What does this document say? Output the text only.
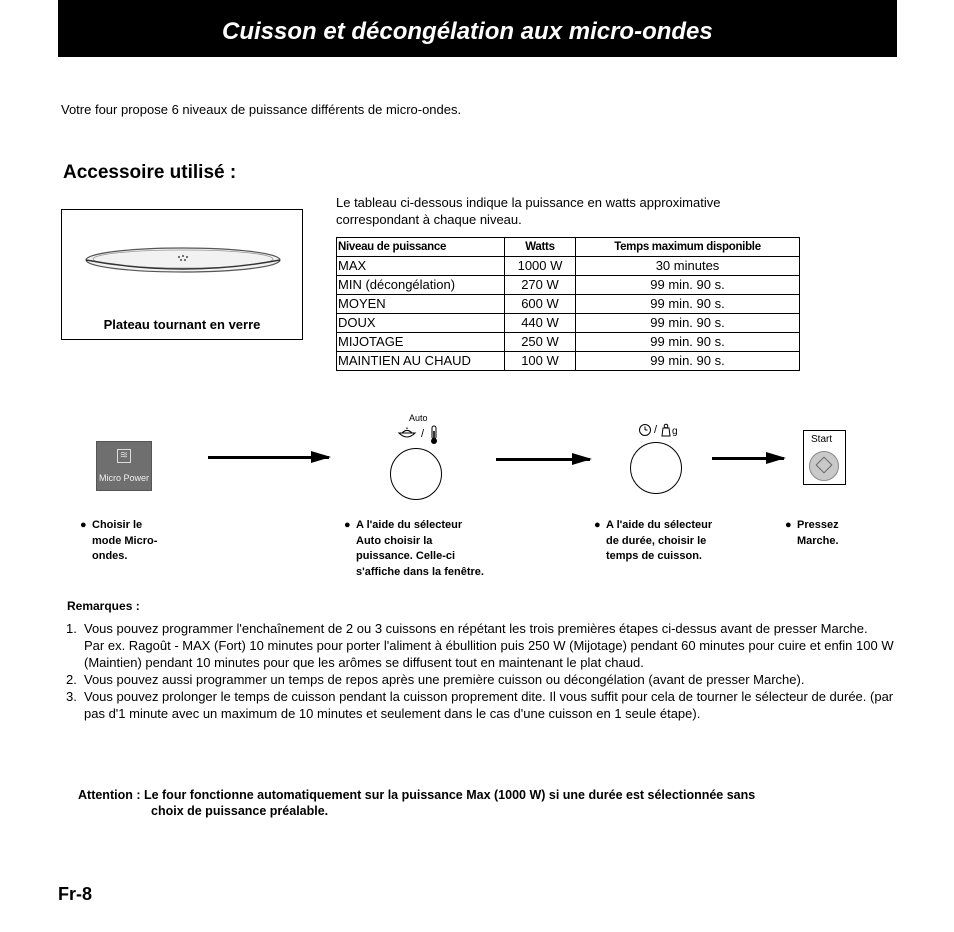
Cuisson et décongélation aux micro-ondes
Votre four propose 6 niveaux de puissance différents de micro-ondes.
Accessoire utilisé :
Plateau tournant en verre
Le tableau ci-dessous indique la puissance en watts approximative correspondant à chaque niveau.
Niveau de puissance	Watts	Temps maximum disponible
MAX	1000 W	30 minutes
MIN (décongélation)	270 W	99 min. 90 s.
MOYEN	600 W	99 min. 90 s.
DOUX	440 W	99 min. 90 s.
MIJOTAGE	250 W	99 min. 90 s.
MAINTIEN AU CHAUD	100 W	99 min. 90 s.
≋
Micro Power
Auto
/	/ g
Start
● Choisir le
mode Micro-
ondes.
● A l'aide du sélecteur
Auto choisir la
puissance. Celle-ci
s'affiche dans la fenêtre.
● A l'aide du sélecteur
de durée, choisir le
temps de cuisson.
● Pressez
Marche.
Remarques :
1. Vous pouvez programmer l'enchaînement de 2 ou 3 cuissons en répétant les trois premières étapes ci-dessus avant de presser Marche.
Par ex. Ragoût - MAX (Fort) 10 minutes pour porter l'aliment à ébullition puis 250 W (Mijotage) pendant 60 minutes pour cuire et enfin 100 W (Maintien) pendant 10 minutes pour que les arômes se diffusent tout en maintenant le plat chaud.
2. Vous pouvez aussi programmer un temps de repos après une première cuisson ou décongélation (avant de presser Marche).
3. Vous pouvez prolonger le temps de cuisson pendant la cuisson proprement dite. Il vous suffit pour cela de tourner le sélecteur de durée. (par pas d'1 minute avec un maximum de 10 minutes et seulement dans le cas d'une cuisson en 1 seule étape).
Attention : Le four fonctionne automatiquement sur la puissance Max (1000 W) si une durée est sélectionnée sans
choix de puissance préalable.
Fr-8
